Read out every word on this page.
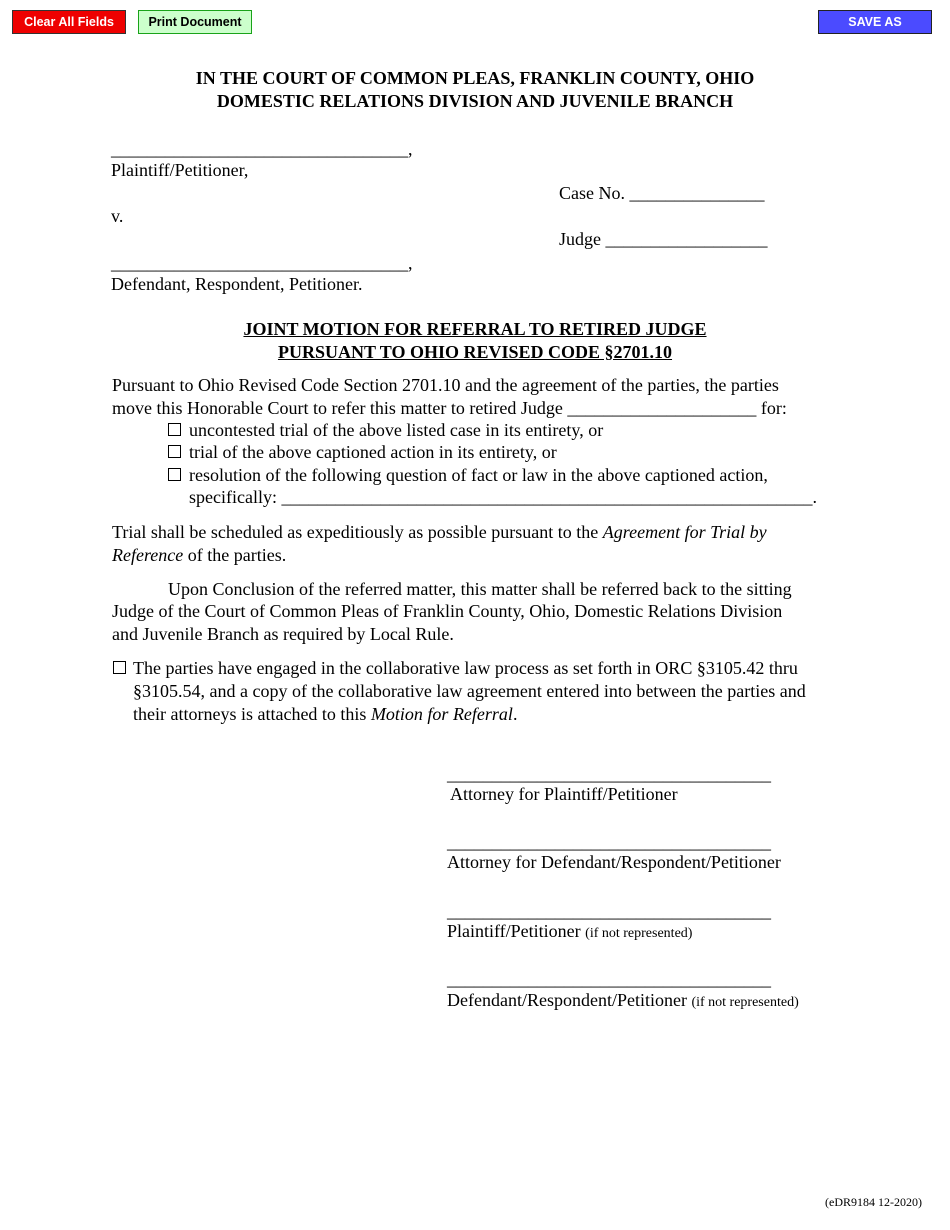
Clear All Fields	Print Document	SAVE AS
IN THE COURT OF COMMON PLEAS, FRANKLIN COUNTY, OHIO
DOMESTIC RELATIONS DIVISION AND JUVENILE BRANCH
_________________________________,
Plaintiff/Petitioner,
Case No. _______________
v.
Judge __________________
_________________________________,
Defendant, Respondent, Petitioner.
JOINT MOTION FOR REFERRAL TO RETIRED JUDGE
PURSUANT TO OHIO REVISED CODE §2701.10
Pursuant to Ohio Revised Code Section 2701.10 and the agreement of the parties, the parties
move this Honorable Court to refer this matter to retired Judge _____________________ for:
uncontested trial of the above listed case in its entirety, or
trial of the above captioned action in its entirety, or
resolution of the following question of fact or law in the above captioned action,
specifically: ___________________________________________________________.
Trial shall be scheduled as expeditiously as possible pursuant to the Agreement for Trial by
Reference of the parties.
Upon Conclusion of the referred matter, this matter shall be referred back to the sitting
Judge of the Court of Common Pleas of Franklin County, Ohio, Domestic Relations Division
and Juvenile Branch as required by Local Rule.
The parties have engaged in the collaborative law process as set forth in ORC §3105.42 thru
§3105.54, and a copy of the collaborative law agreement entered into between the parties and
their attorneys is attached to this Motion for Referral.
____________________________________
Attorney for Plaintiff/Petitioner
____________________________________
Attorney for Defendant/Respondent/Petitioner
____________________________________
Plaintiff/Petitioner (if not represented)
____________________________________
Defendant/Respondent/Petitioner (if not represented)
(eDR9184 12-2020)
